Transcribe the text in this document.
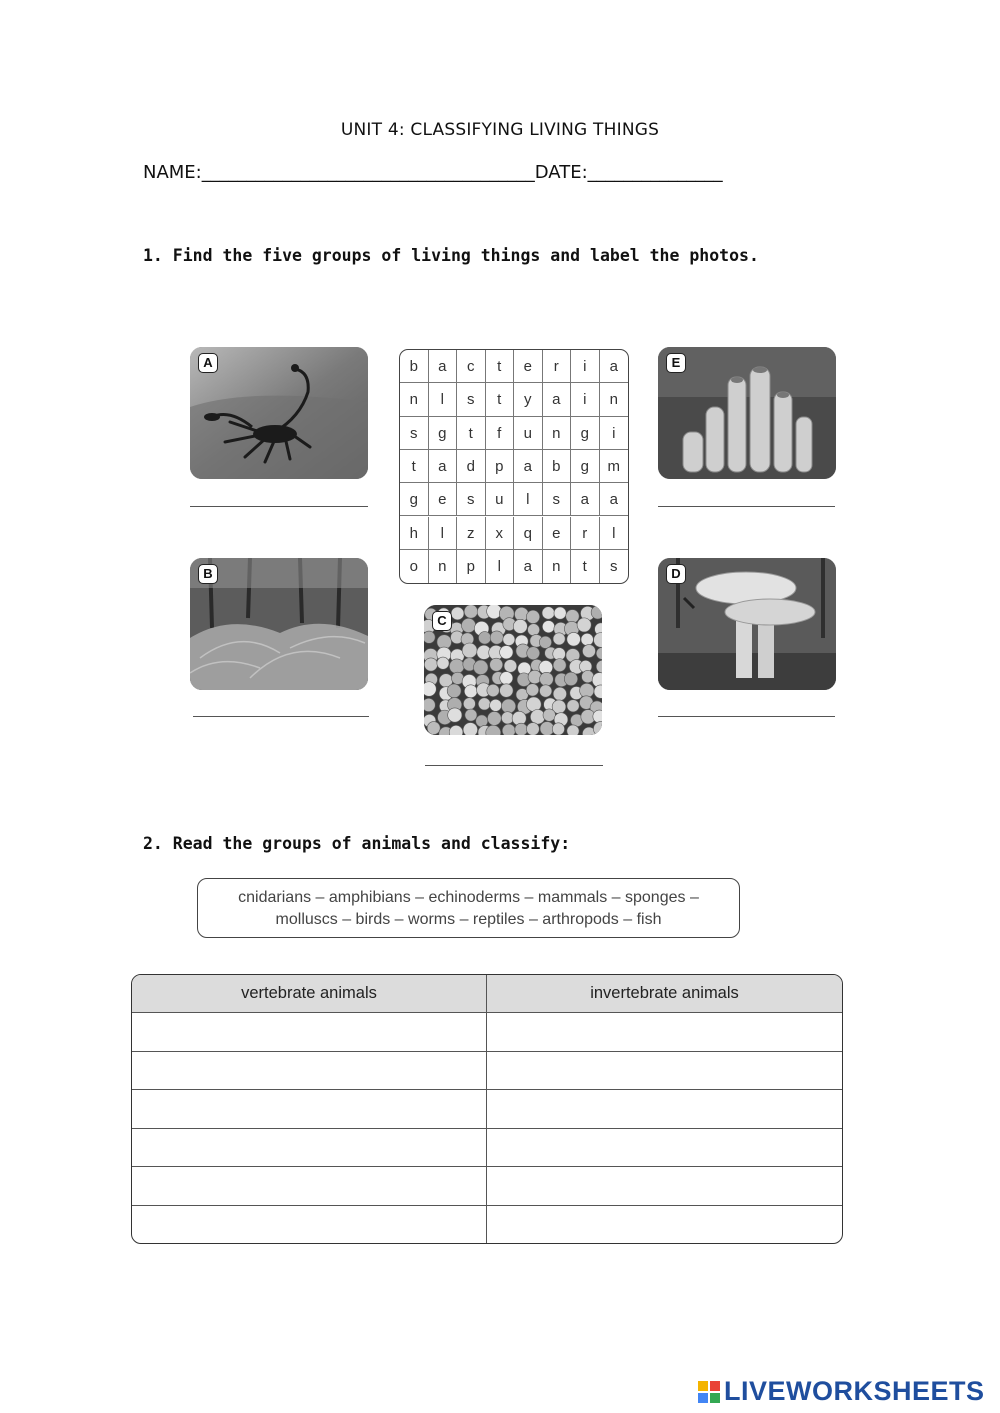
UNIT 4: CLASSIFYING LIVING THINGS
NAME:_____________________________________DATE:_______________
1. Find the five groups of living things and label the photos.
A
B
b	a	c	t	e	r	i	a
n	l	s	t	y	a	i	n
s	g	t	f	u	n	g	i
t	a	d	p	a	b	g	m
g	e	s	u	l	s	a	a
h	l	z	x	q	e	r	l
o	n	p	l	a	n	t	s
C
E
D
2. Read the groups of animals and classify:
cnidarians – amphibians – echinoderms – mammals – sponges –
molluscs – birds – worms – reptiles – arthropods – fish
vertebrate animals	invertebrate animals

LIVEWORKSHEETS
